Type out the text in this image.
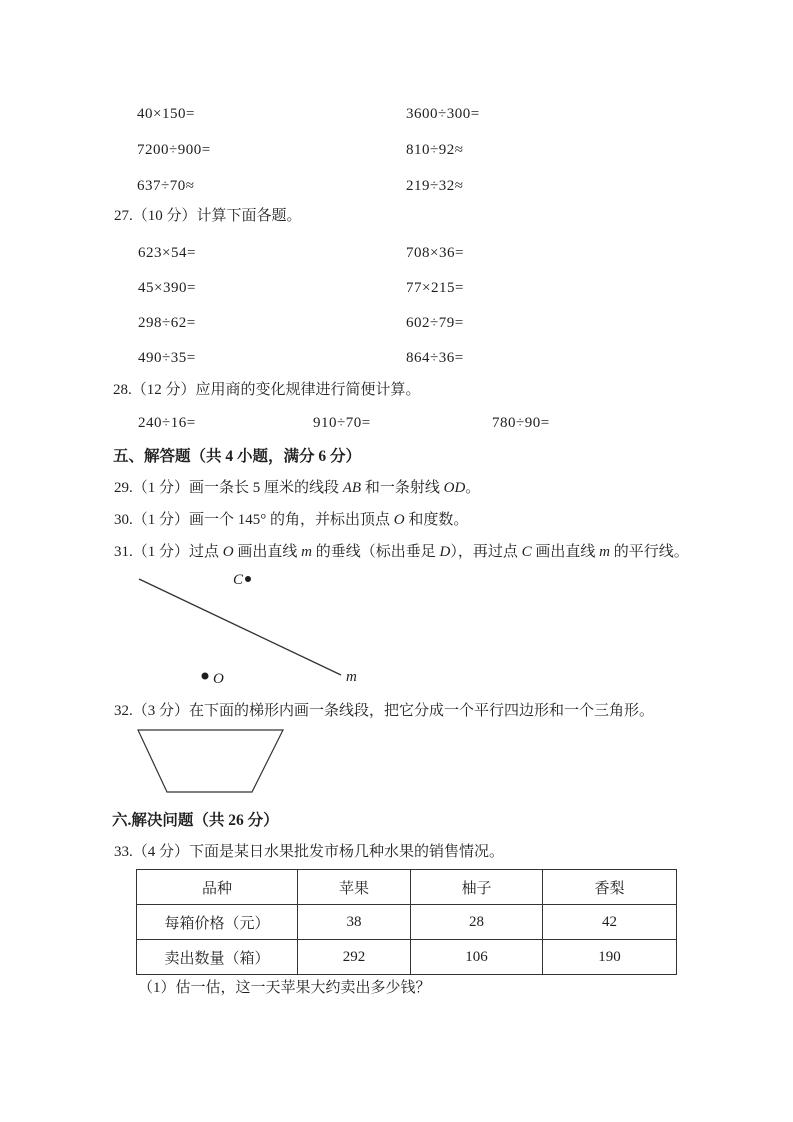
40×150=	3600÷300=
7200÷900=	810÷92≈
637÷70≈	219÷32≈
27.（10 分）计算下面各题。
623×54=	708×36=
45×390=	77×215=
298÷62=	602÷79=
490÷35=	864÷36=
28.（12 分）应用商的变化规律进行简便计算。
240÷16=	910÷70=	780÷90=
五、解答题（共 4 小题，满分 6 分）
29.（1 分）画一条长 5 厘米的线段 AB 和一条射线 OD。
30.（1 分）画一个 145° 的角，并标出顶点 O 和度数。
31.（1 分）过点 O 画出直线 m 的垂线（标出垂足 D），再过点 C 画出直线 m 的平行线。
m
C
O
32.（3 分）在下面的梯形内画一条线段，把它分成一个平行四边形和一个三角形。
六.解决问题（共 26 分）
33.（4 分）下面是某日水果批发市杨几种水果的销售情况。
品种	苹果	柚子	香梨
每箱价格（元）	38	28	42
卖出数量（箱）	292	106	190
（1）估一估，这一天苹果大约卖出多少钱？
